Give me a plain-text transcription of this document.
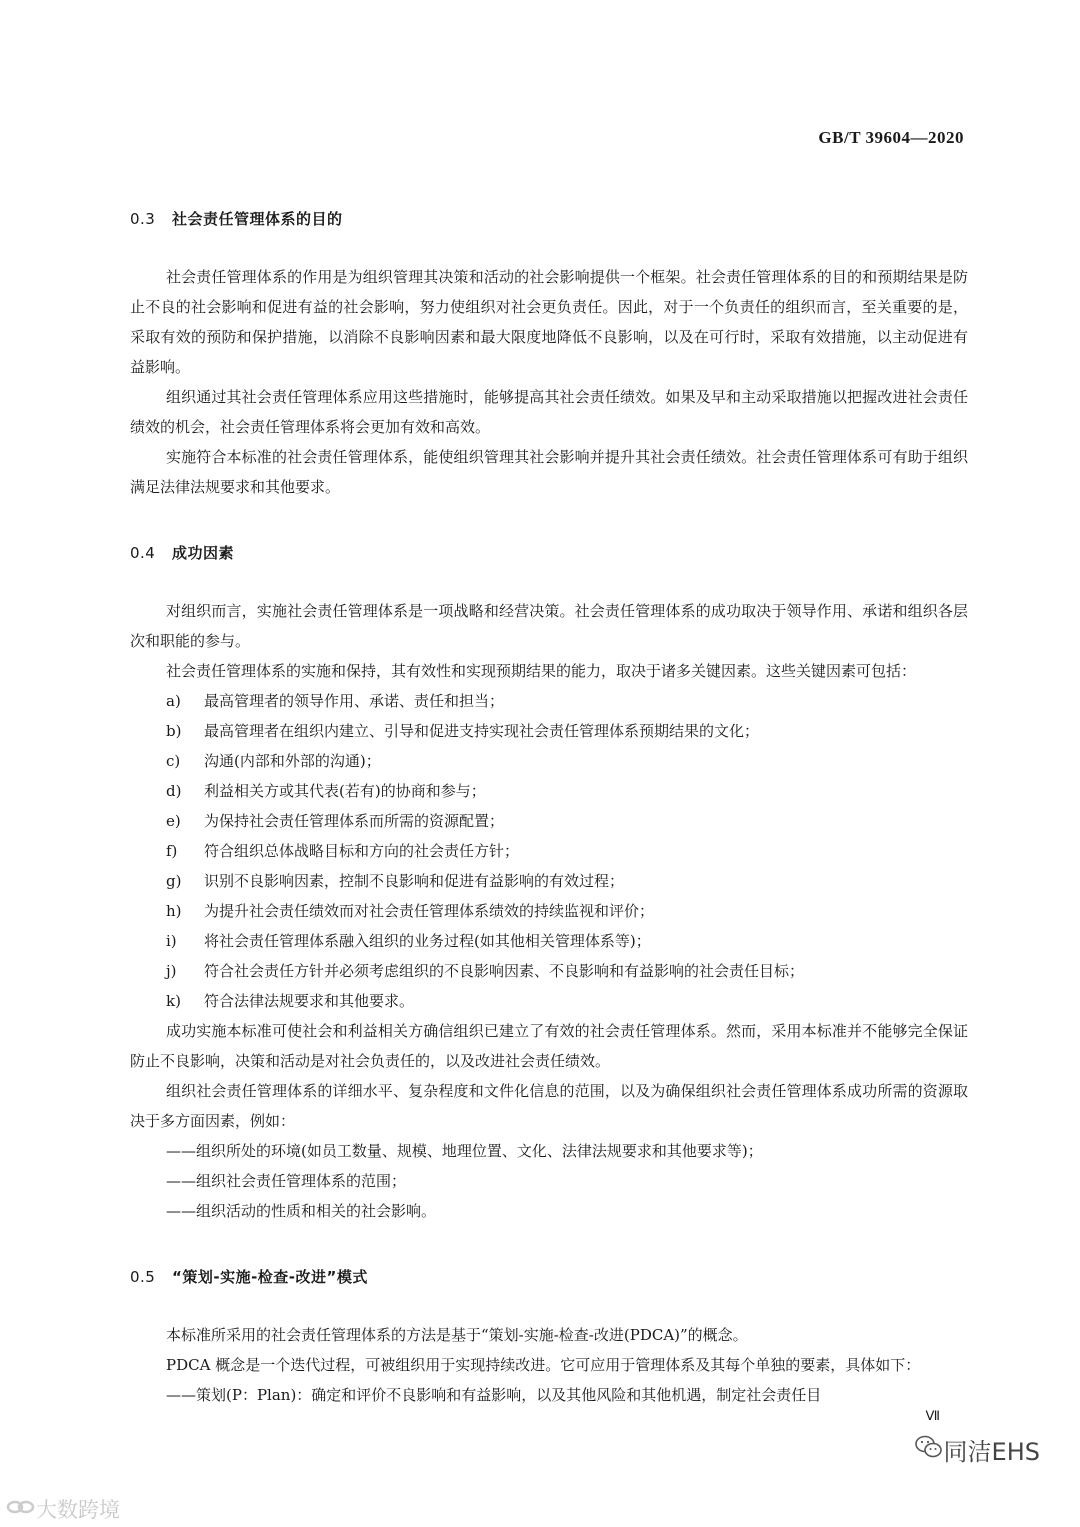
GB/T 39604—2020
0.3 社会责任管理体系的目的

社会责任管理体系的作用是为组织管理其决策和活动的社会影响提供一个框架。社会责任管理体系的目的和预期结果是防止不良的社会影响和促进有益的社会影响，努力使组织对社会更负责任。因此，对于一个负责任的组织而言，至关重要的是，采取有效的预防和保护措施，以消除不良影响因素和最大限度地降低不良影响，以及在可行时，采取有效措施，以主动促进有益影响。

组织通过其社会责任管理体系应用这些措施时，能够提高其社会责任绩效。如果及早和主动采取措施以把握改进社会责任绩效的机会，社会责任管理体系将会更加有效和高效。

实施符合本标准的社会责任管理体系，能使组织管理其社会影响并提升其社会责任绩效。社会责任管理体系可有助于组织满足法律法规要求和其他要求。

0.4 成功因素

对组织而言，实施社会责任管理体系是一项战略和经营决策。社会责任管理体系的成功取决于领导作用、承诺和组织各层次和职能的参与。

社会责任管理体系的实施和保持，其有效性和实现预期结果的能力，取决于诸多关键因素。这些关键因素可包括：

a) 最高管理者的领导作用、承诺、责任和担当；
b) 最高管理者在组织内建立、引导和促进支持实现社会责任管理体系预期结果的文化；
c) 沟通(内部和外部的沟通)；
d) 利益相关方或其代表(若有)的协商和参与；
e) 为保持社会责任管理体系而所需的资源配置；
f) 符合组织总体战略目标和方向的社会责任方针；
g) 识别不良影响因素，控制不良影响和促进有益影响的有效过程；
h) 为提升社会责任绩效而对社会责任管理体系绩效的持续监视和评价；
i) 将社会责任管理体系融入组织的业务过程(如其他相关管理体系等)；
j) 符合社会责任方针并必须考虑组织的不良影响因素、不良影响和有益影响的社会责任目标；
k) 符合法律法规要求和其他要求。

成功实施本标准可使社会和利益相关方确信组织已建立了有效的社会责任管理体系。然而，采用本标准并不能够完全保证防止不良影响，决策和活动是对社会负责任的，以及改进社会责任绩效。

组织社会责任管理体系的详细水平、复杂程度和文件化信息的范围，以及为确保组织社会责任管理体系成功所需的资源取决于多方面因素，例如：

——组织所处的环境(如员工数量、规模、地理位置、文化、法律法规要求和其他要求等)；
——组织社会责任管理体系的范围；
——组织活动的性质和相关的社会影响。
0.5 “策划-实施-检查-改进”模式

本标准所采用的社会责任管理体系的方法是基于“策划-实施-检查-改进(PDCA)”的概念。

PDCA 概念是一个迭代过程，可被组织用于实现持续改进。它可应用于管理体系及其每个单独的要素，具体如下：

——策划(P：Plan)：确定和评价不良影响和有益影响，以及其他风险和其他机遇，制定社会责任目
Ⅶ
大数跨境
同洁EHS
